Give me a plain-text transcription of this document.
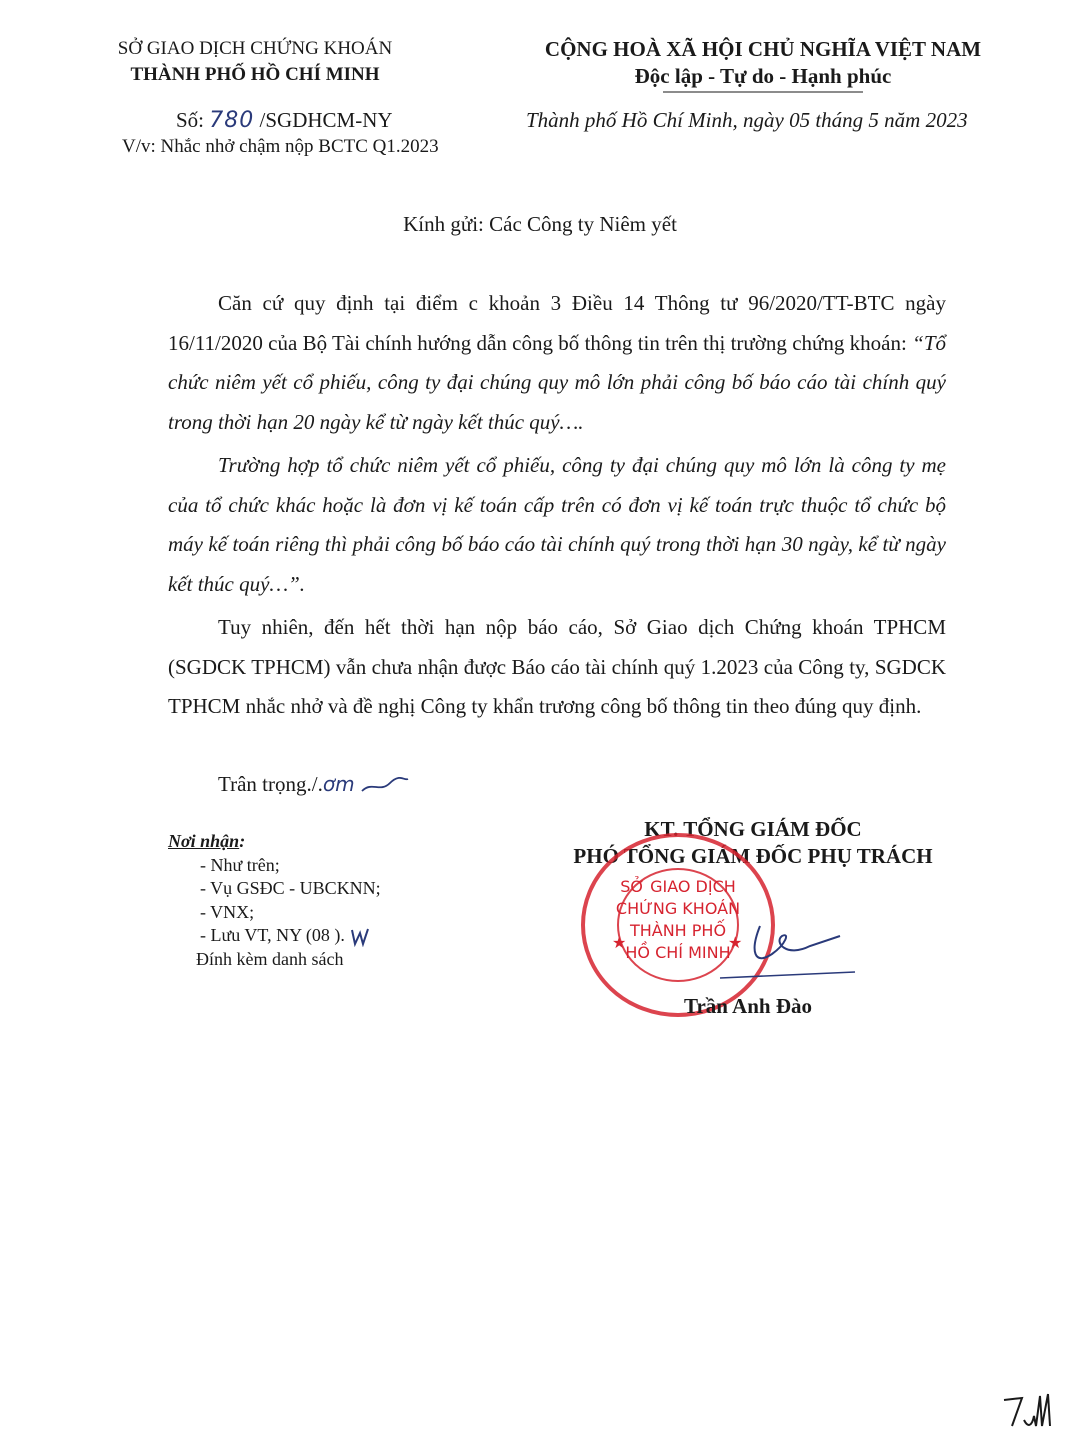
SỞ GIAO DỊCH CHỨNG KHOÁN
THÀNH PHỐ HỒ CHÍ MINH
CỘNG HOÀ XÃ HỘI CHỦ NGHĨA VIỆT NAM
Độc lập - Tự do - Hạnh phúc
Số: 780 /SGDHCM-NY
V/v: Nhắc nhở chậm nộp BCTC Q1.2023
Thành phố Hồ Chí Minh, ngày 05 tháng 5 năm 2023
Kính gửi: Các Công ty Niêm yết

Căn cứ quy định tại điểm c khoản 3 Điều 14 Thông tư 96/2020/TT-BTC ngày 16/11/2020 của Bộ Tài chính hướng dẫn công bố thông tin trên thị trường chứng khoán: “Tổ chức niêm yết cổ phiếu, công ty đại chúng quy mô lớn phải công bố báo cáo tài chính quý trong thời hạn 20 ngày kể từ ngày kết thúc quý….

Trường hợp tổ chức niêm yết cổ phiếu, công ty đại chúng quy mô lớn là công ty mẹ của tổ chức khác hoặc là đơn vị kế toán cấp trên có đơn vị kế toán trực thuộc tổ chức bộ máy kế toán riêng thì phải công bố báo cáo tài chính quý trong thời hạn 30 ngày, kể từ ngày kết thúc quý…”.

Tuy nhiên, đến hết thời hạn nộp báo cáo, Sở Giao dịch Chứng khoán TPHCM (SGDCK TPHCM) vẫn chưa nhận được Báo cáo tài chính quý 1.2023 của Công ty, SGDCK TPHCM nhắc nhở và đề nghị Công ty khẩn trương công bố thông tin theo đúng quy định.

Trân trọng./.ơm
Nơi nhận:
- Như trên;
- Vụ GSĐC - UBCKNN;
- VNX;
- Lưu VT, NY (08 ).
Đính kèm danh sách
KT. TỔNG GIÁM ĐỐC
PHÓ TỔNG GIÁM ĐỐC PHỤ TRÁCH
★	★
SỞ GIAO DỊCH
CHỨNG KHOÁN
THÀNH PHỐ
HỒ CHÍ MINH
Trần Anh Đào
